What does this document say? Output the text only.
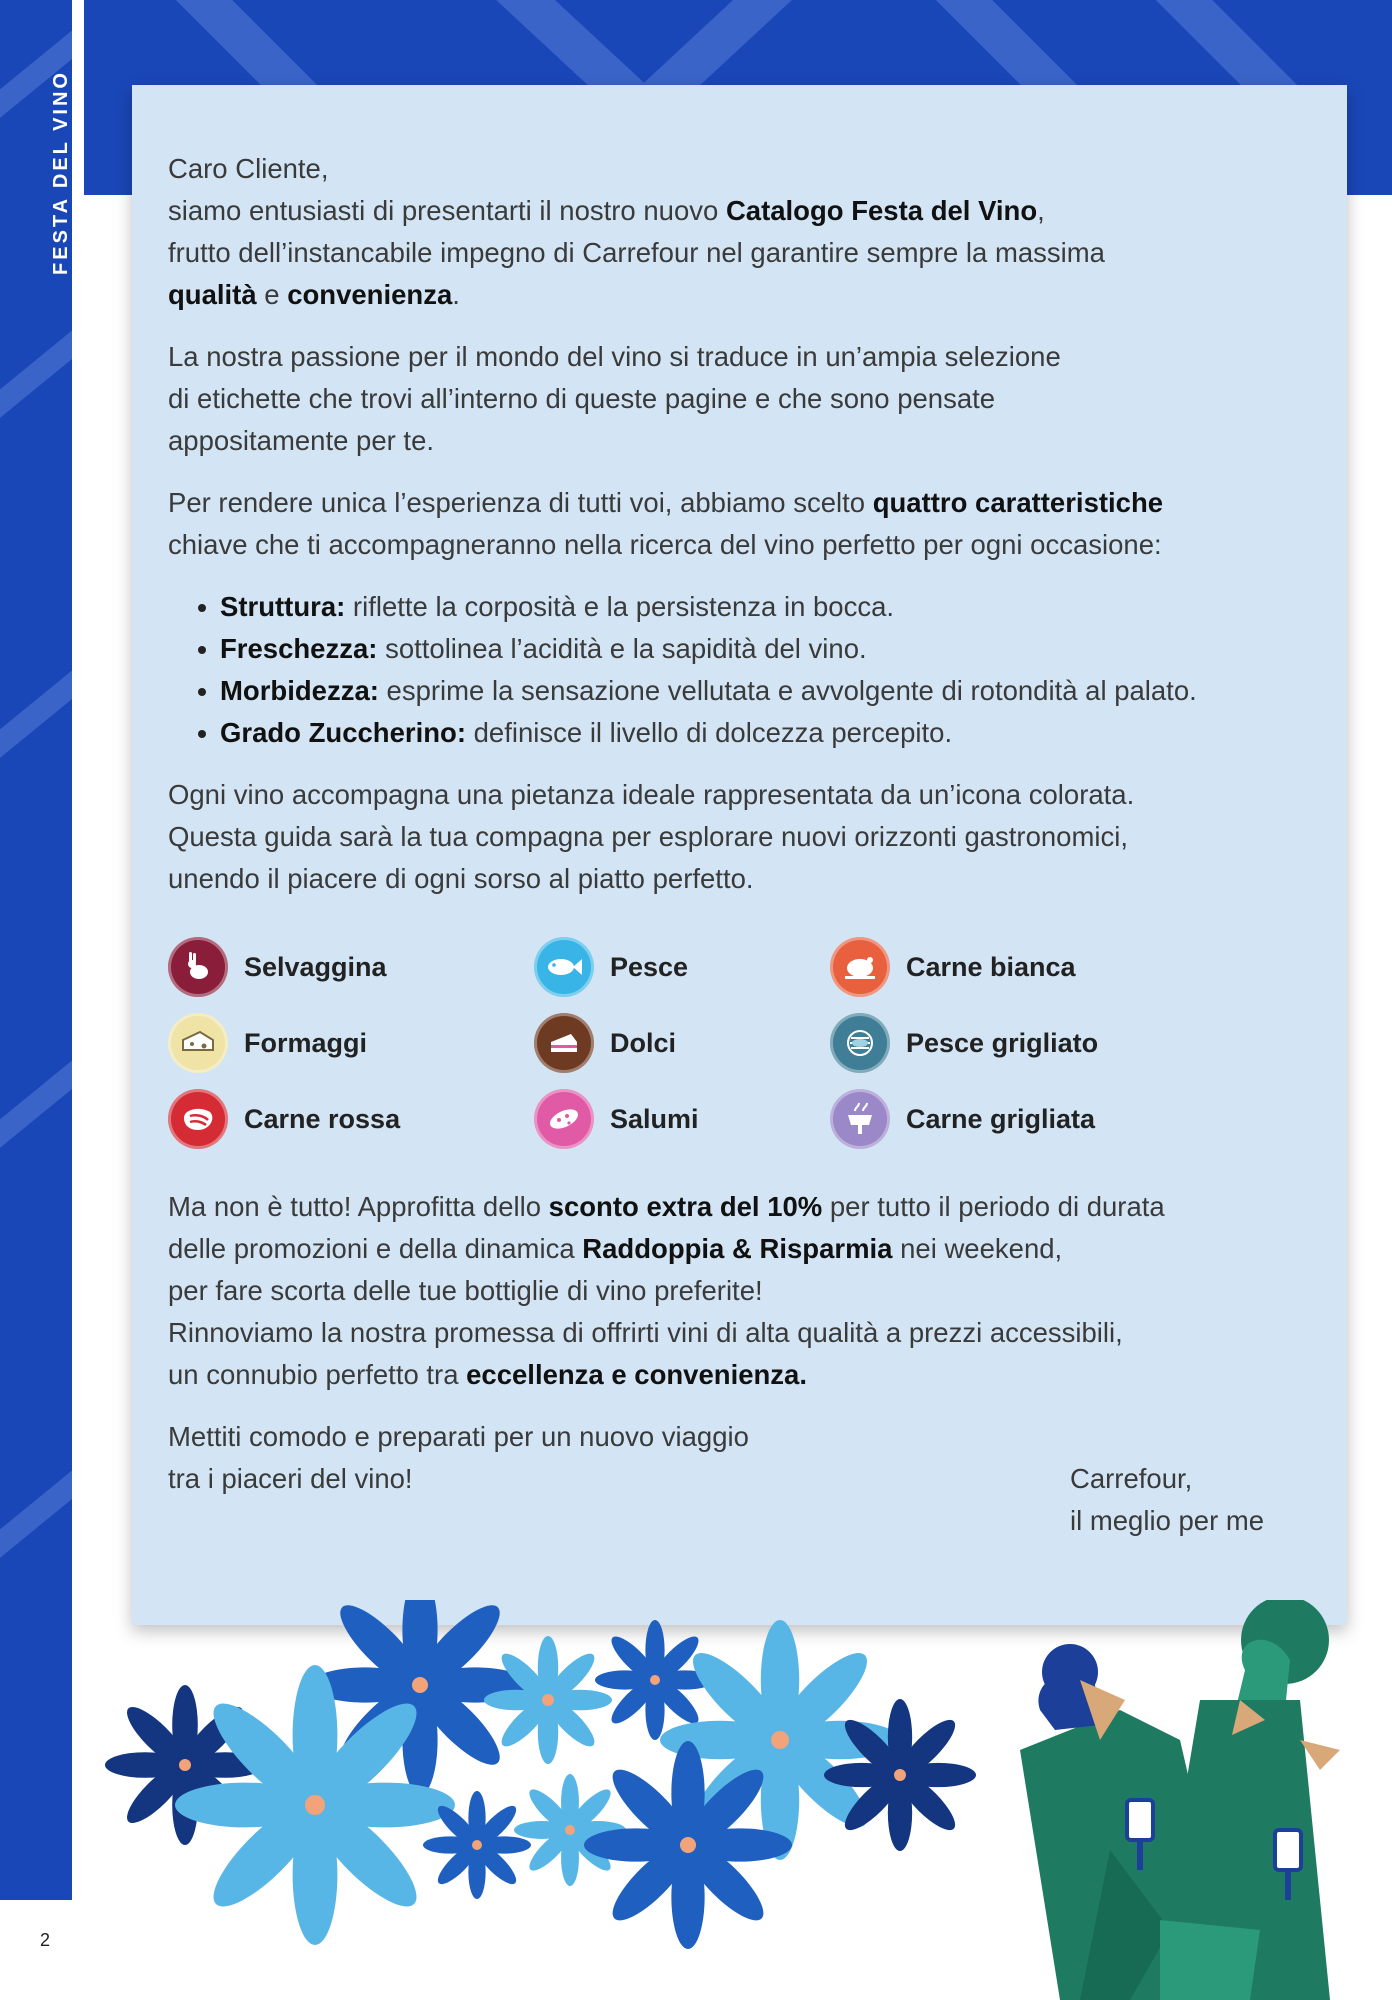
FESTA DEL VINO	Caro Cliente,
siamo entusiasti di presentarti il nostro nuovo Catalogo Festa del Vino,
frutto dell’instancabile impegno di Carrefour nel garantire sempre la massima
qualità e convenienza.

La nostra passione per il mondo del vino si traduce in un’ampia selezione
di etichette che trovi all’interno di queste pagine e che sono pensate
appositamente per te.

Per rendere unica l’esperienza di tutti voi, abbiamo scelto quattro caratteristiche
chiave che ti accompagneranno nella ricerca del vino perfetto per ogni occasione:

Struttura: riflette la corposità e la persistenza in bocca.
Freschezza: sottolinea l’acidità e la sapidità del vino.
Morbidezza: esprime la sensazione vellutata e avvolgente di rotondità al palato.
Grado Zuccherino: definisce il livello di dolcezza percepito.

Ogni vino accompagna una pietanza ideale rappresentata da un’icona colorata.
Questa guida sarà la tua compagna per esplorare nuovi orizzonti gastronomici,
unendo il piacere di ogni sorso al piatto perfetto.

Selvaggina	Pesce	Carne bianca
Formaggi	Dolci	Pesce grigliato
Carne rossa	Salumi	Carne grigliata

Ma non è tutto! Approfitta dello sconto extra del 10% per tutto il periodo di durata
delle promozioni e della dinamica Raddoppia & Risparmia nei weekend,
per fare scorta delle tue bottiglie di vino preferite!
Rinnoviamo la nostra promessa di offrirti vini di alta qualità a prezzi accessibili,
un connubio perfetto tra eccellenza e convenienza.

Mettiti comodo e preparati per un nuovo viaggio
tra i piaceri del vino!	Carrefour,
il meglio per me
2
